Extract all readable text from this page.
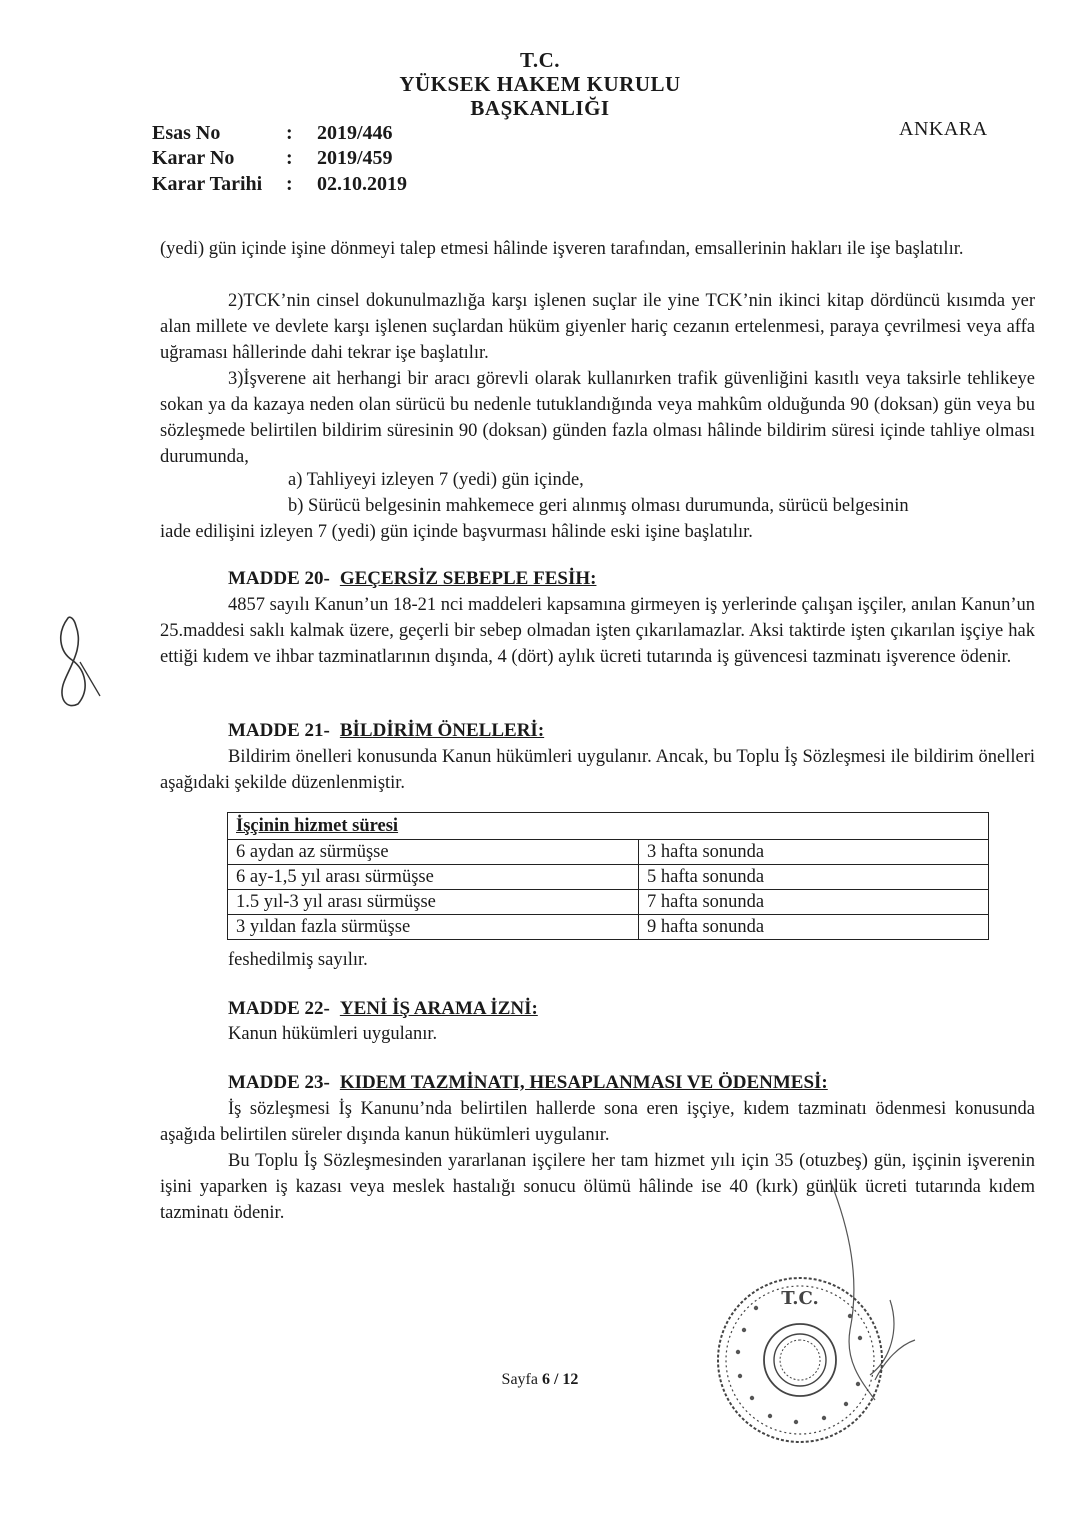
T.C.
YÜKSEK HAKEM KURULU
BAŞKANLIĞI
Esas No	: 2019/446
Karar No	: 2019/459
Karar Tarihi	: 02.10.2019
ANKARA

(yedi) gün içinde işine dönmeyi talep etmesi hâlinde işveren tarafından, emsallerinin hakları ile işe başlatılır.

2)TCK’nin cinsel dokunulmazlığa karşı işlenen suçlar ile yine TCK’nin ikinci kitap dördüncü kısımda yer alan millete ve devlete karşı işlenen suçlardan hüküm giyenler hariç cezanın ertelenmesi, paraya çevrilmesi veya affa uğraması hâllerinde dahi tekrar işe başlatılır.

3)İşverene ait herhangi bir aracı görevli olarak kullanırken trafik güvenliğini kasıtlı veya taksirle tehlikeye sokan ya da kazaya neden olan sürücü bu nedenle tutuklandığında veya mahkûm olduğunda 90 (doksan) gün veya bu sözleşmede belirtilen bildirim süresinin 90 (doksan) günden fazla olması hâlinde bildirim süresi içinde tahliye olması durumunda,

a) Tahliyeyi izleyen 7 (yedi) gün içinde,
b) Sürücü belgesinin mahkemece geri alınmış olması durumunda, sürücü belgesinin
iade edilişini izleyen 7 (yedi) gün içinde başvurması hâlinde eski işine başlatılır.
MADDE 20- GEÇERSİZ SEBEPLE FESİH:

4857 sayılı Kanun’un 18-21 nci maddeleri kapsamına girmeyen iş yerlerinde çalışan işçiler, anılan Kanun’un 25.maddesi saklı kalmak üzere, geçerli bir sebep olmadan işten çıkarılamazlar. Aksi taktirde işten çıkarılan işçiye hak ettiği kıdem ve ihbar tazminatlarının dışında, 4 (dört) aylık ücreti tutarında iş güvencesi tazminatı işverence ödenir.

MADDE 21- BİLDİRİM ÖNELLERİ:

Bildirim önelleri konusunda Kanun hükümleri uygulanır. Ancak, bu Toplu İş Sözleşmesi ile bildirim önelleri aşağıdaki şekilde düzenlenmiştir.

İşçinin hizmet süresi	
6 aydan az sürmüşse	3 hafta sonunda
6 ay-1,5 yıl arası sürmüşse	5 hafta sonunda
1.5 yıl-3 yıl arası sürmüşse	7 hafta sonunda
3 yıldan fazla sürmüşse	9 hafta sonunda
feshedilmiş sayılır.
MADDE 22- YENİ İŞ ARAMA İZNİ:
Kanun hükümleri uygulanır.
MADDE 23- KIDEM TAZMİNATI, HESAPLANMASI VE ÖDENMESİ:

İş sözleşmesi İş Kanunu’nda belirtilen hallerde sona eren işçiye, kıdem tazminatı ödenmesi konusunda aşağıda belirtilen süreler dışında kanun hükümleri uygulanır.

Bu Toplu İş Sözleşmesinden yararlanan işçilere her tam hizmet yılı için 35 (otuzbeş) gün, işçinin işverenin işini yaparken iş kazası veya meslek hastalığı sonucu ölümü hâlinde ise 40 (kırk) günlük ücreti tutarında kıdem tazminatı ödenir.

T.C.
Sayfa 6 / 12
